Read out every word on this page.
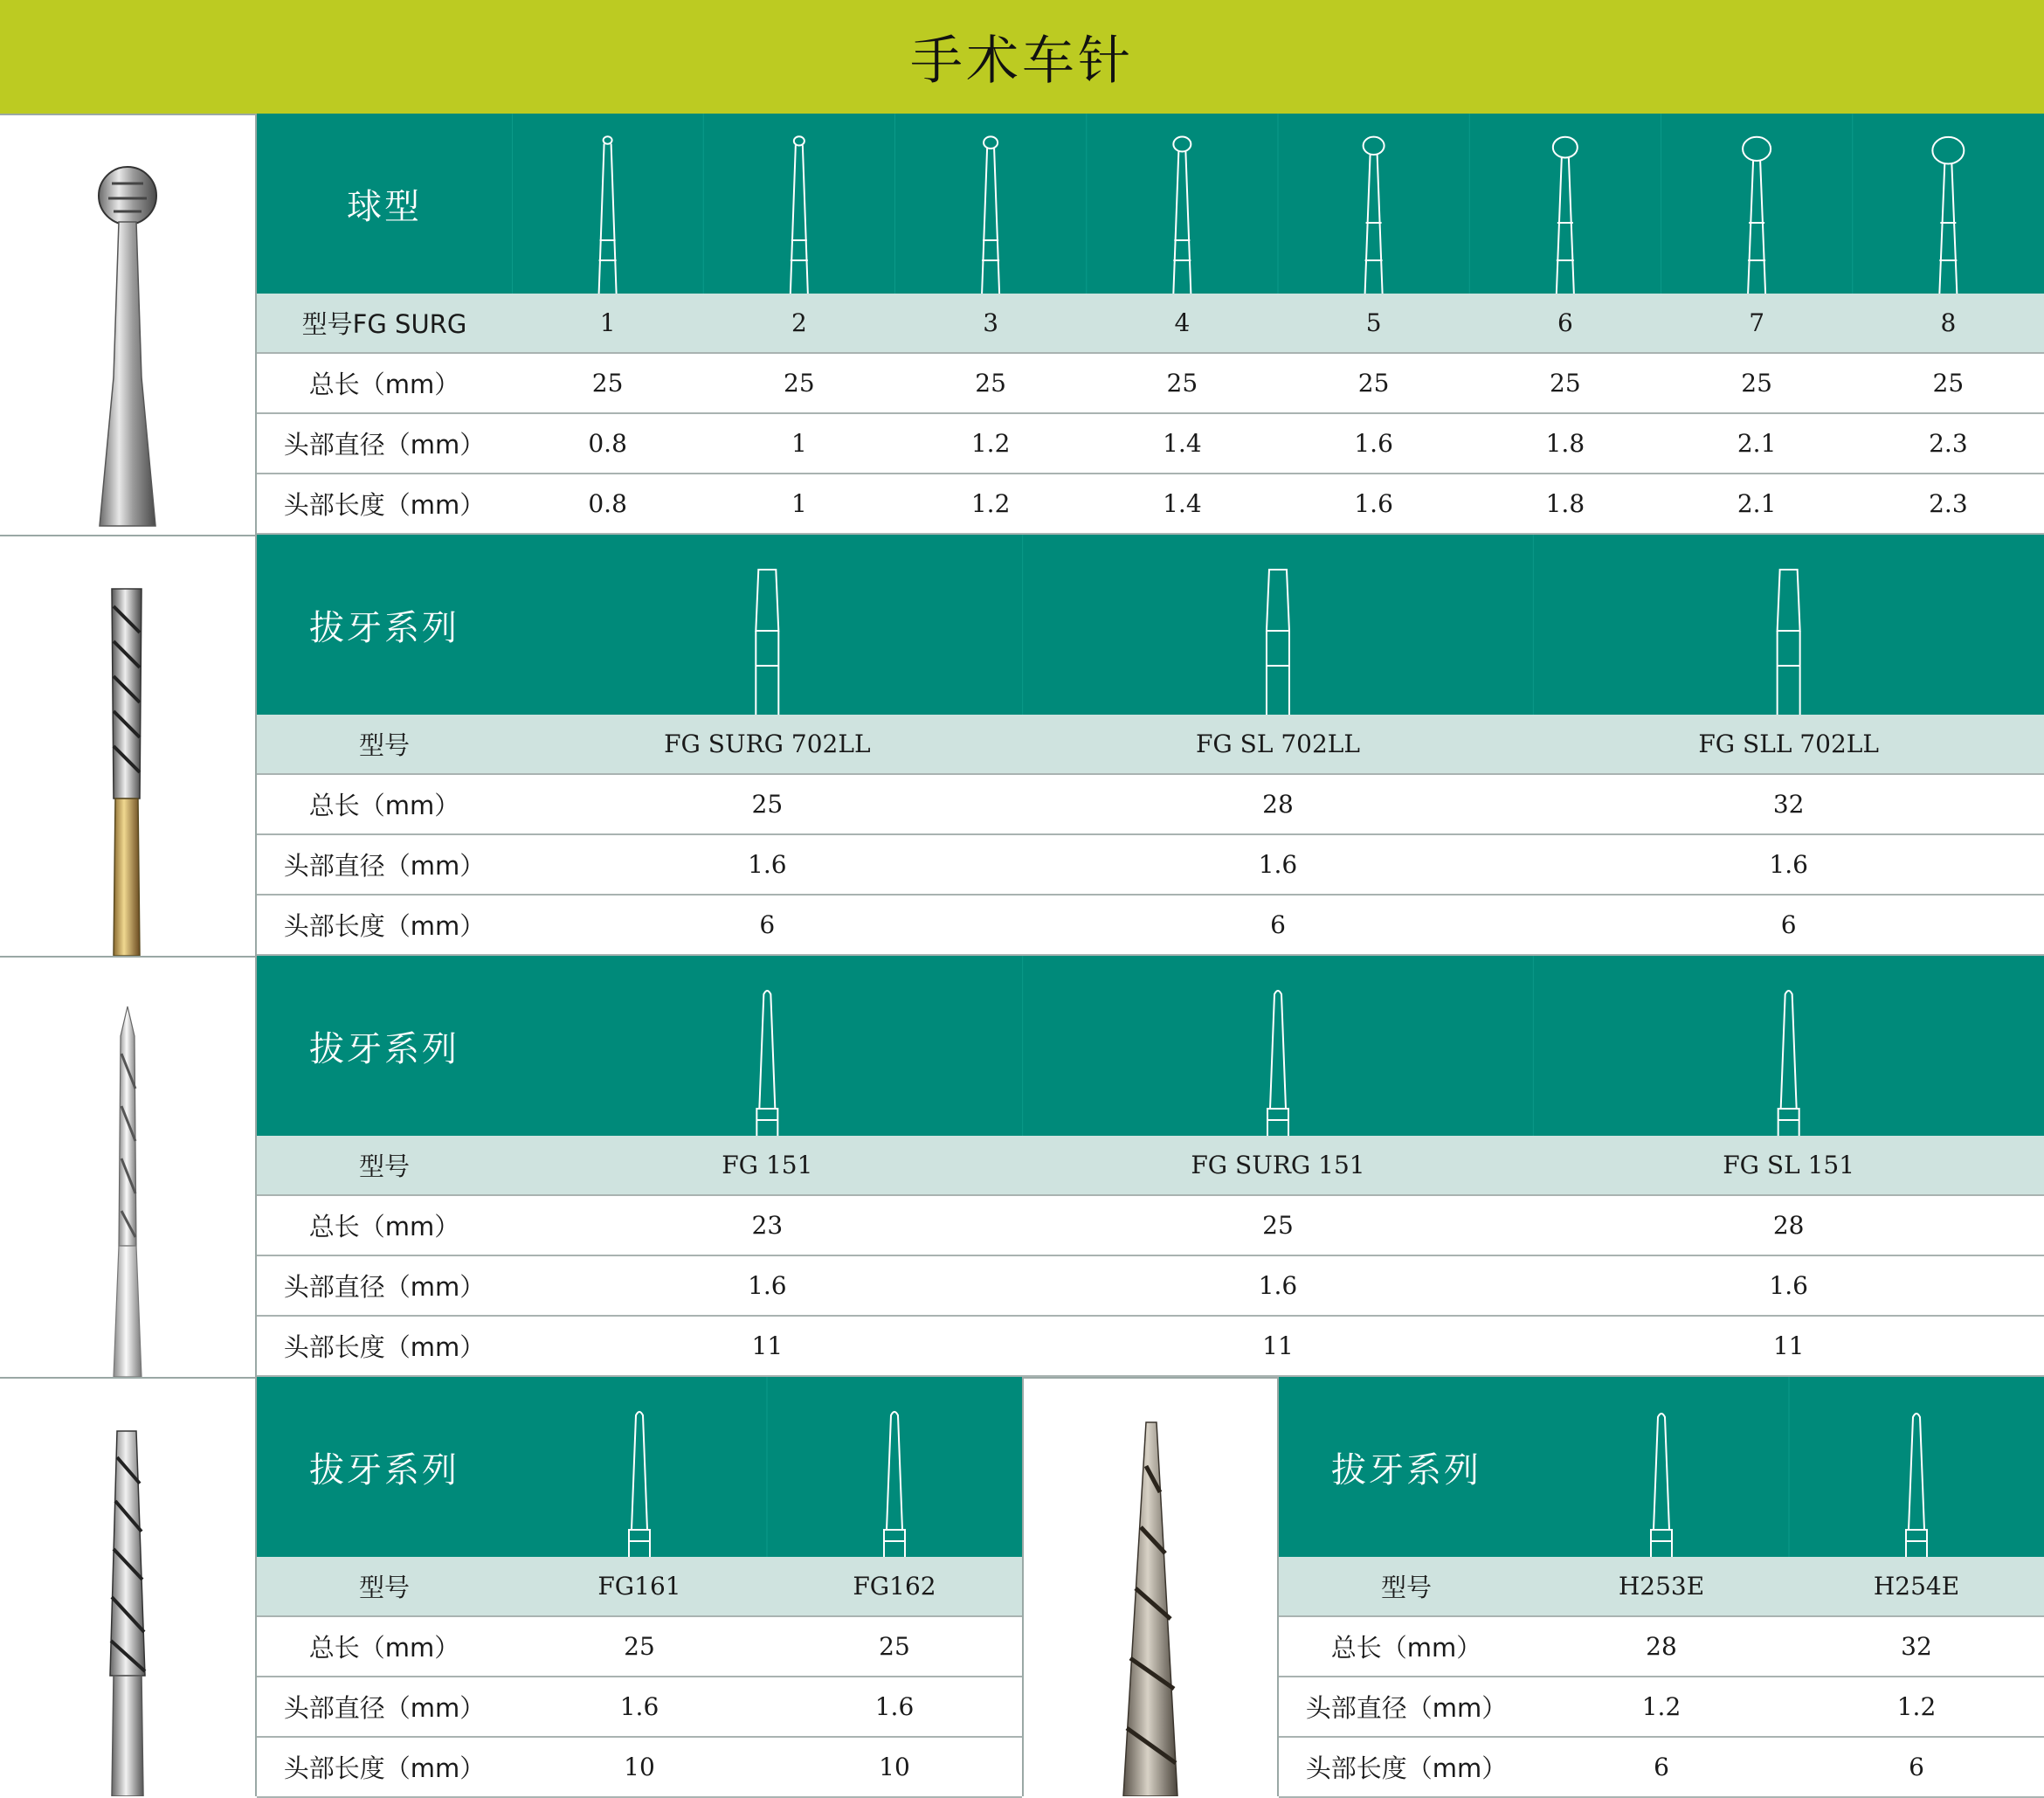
手术车针
球型
型号FG SURG	1	2	3	4	5	6	7	8
总长（mm）	25	25	25	25	25	25	25	25
头部直径（mm）	0.8	1	1.2	1.4	1.6	1.8	2.1	2.3
头部长度（mm）	0.8	1	1.2	1.4	1.6	1.8	2.1	2.3
拔牙系列
型号	FG SURG 702LL	FG SL 702LL	FG SLL 702LL
总长（mm）	25	28	32
头部直径（mm）	1.6	1.6	1.6
头部长度（mm）	6	6	6
拔牙系列
型号	FG 151	FG SURG 151	FG SL 151
总长（mm）	23	25	28
头部直径（mm）	1.6	1.6	1.6
头部长度（mm）	11	11	11
拔牙系列
型号	FG161	FG162
总长（mm）	25	25
头部直径（mm）	1.6	1.6
头部长度（mm）	10	10
拔牙系列
型号	H253E	H254E
总长（mm）	28	32
头部直径（mm）	1.2	1.2
头部长度（mm）	6	6
